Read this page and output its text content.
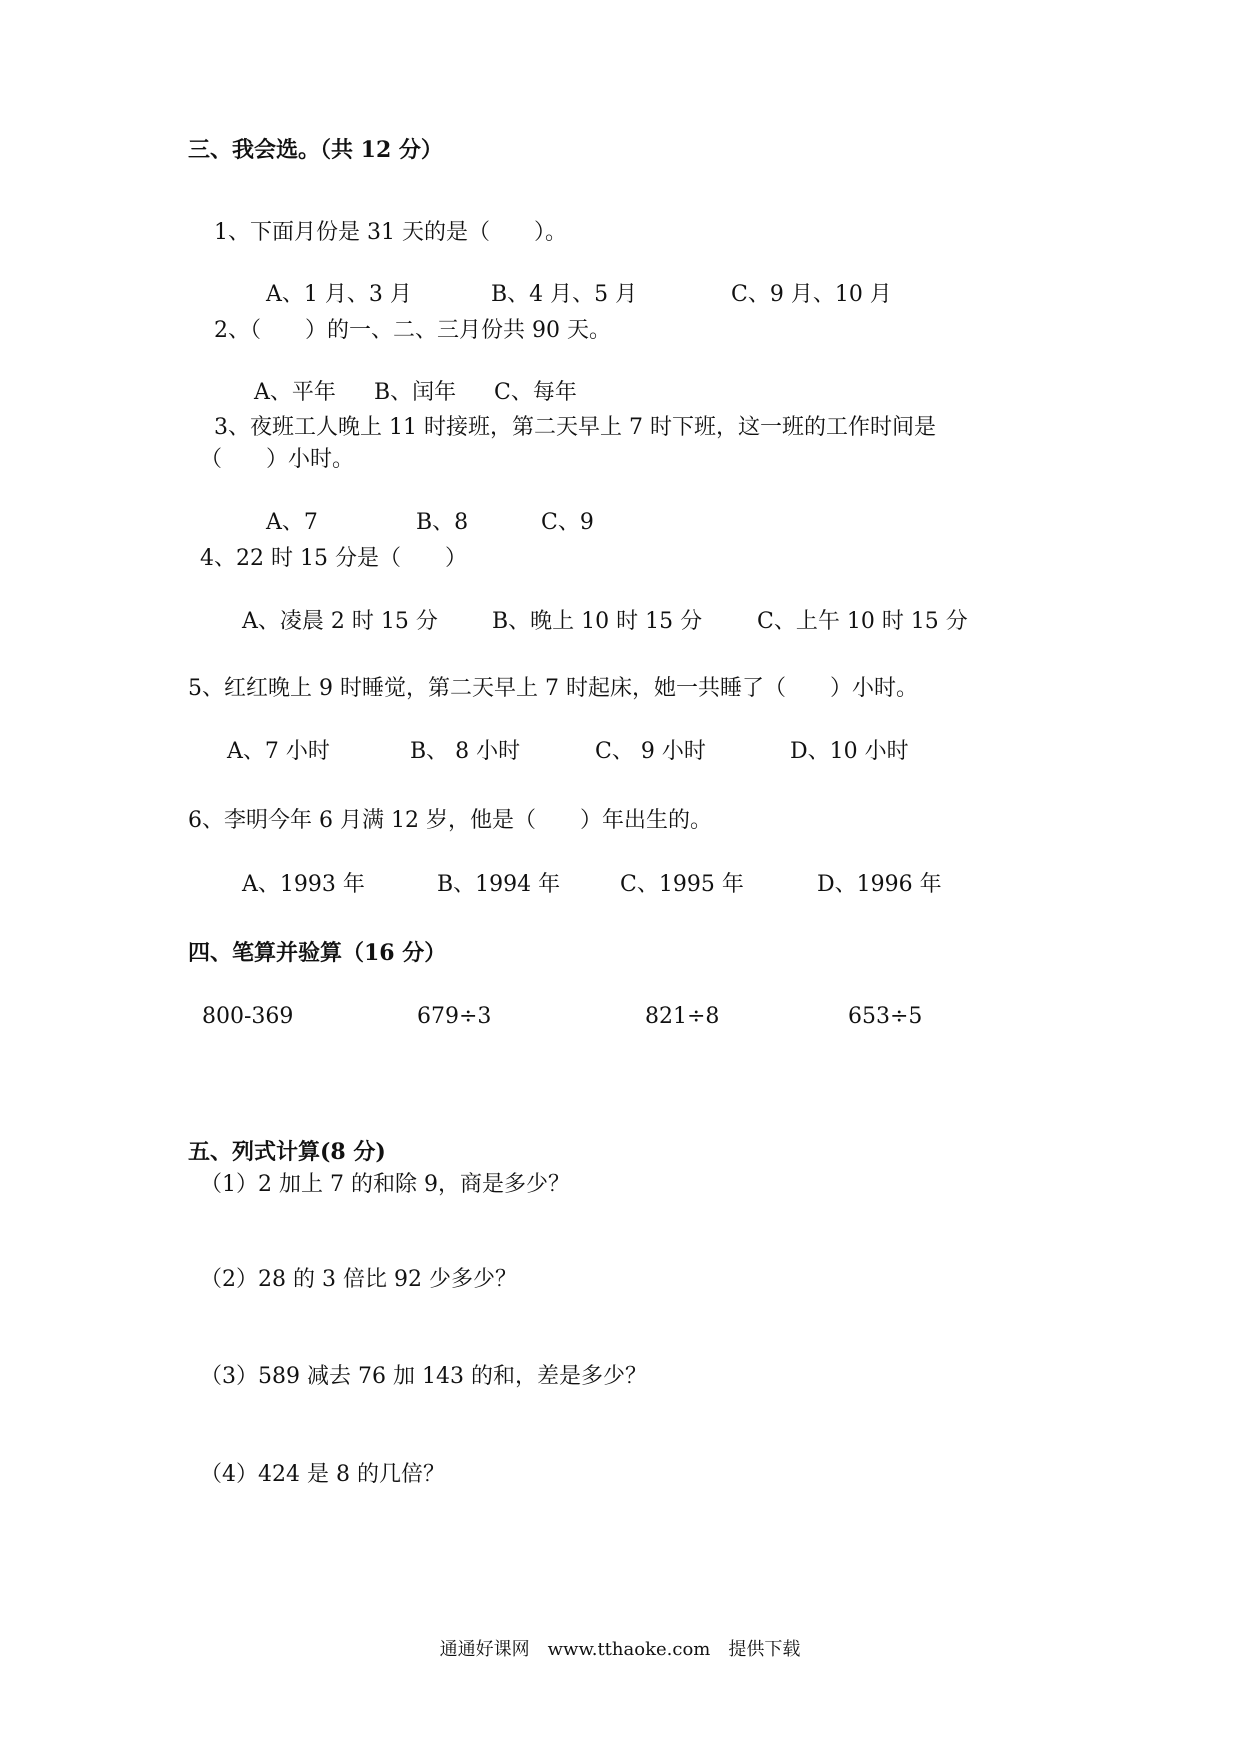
三、我会选。（共 12 分）
1、下面月份是 31 天的是（　　）。

A、1 月、3 月	B、4 月、5 月	C、9 月、10 月

2、（　　）的一、二、三月份共 90 天。

A、平年 B、闰年 C、每年

3、夜班工人晚上 11 时接班，第二天早上 7 时下班，这一班的工作时间是
（　　）小时。

A、7	B、8	C、9

4、22 时 15 分是（　　）

A、凌晨 2 时 15 分 B、晚上 10 时 15 分 C、上午 10 时 15 分

5、红红晚上 9 时睡觉，第二天早上 7 时起床，她一共睡了（　　）小时。

A、7 小时	B、 8 小时	C、 9 小时	D、10 小时

6、李明今年 6 月满 12 岁，他是（　　）年出生的。

A、1993 年	B、1994 年	C、1995 年	D、1996 年

四、笔算并验算（16 分）

800-369	679÷3	821÷8	653÷5

五、列式计算(8 分)
（1）2 加上 7 的和除 9，商是多少？
（2）28 的 3 倍比 92 少多少？
（3）589 减去 76 加 143 的和，差是多少？
（4）424 是 8 的几倍？
通通好课网　www.tthaoke.com　提供下载
